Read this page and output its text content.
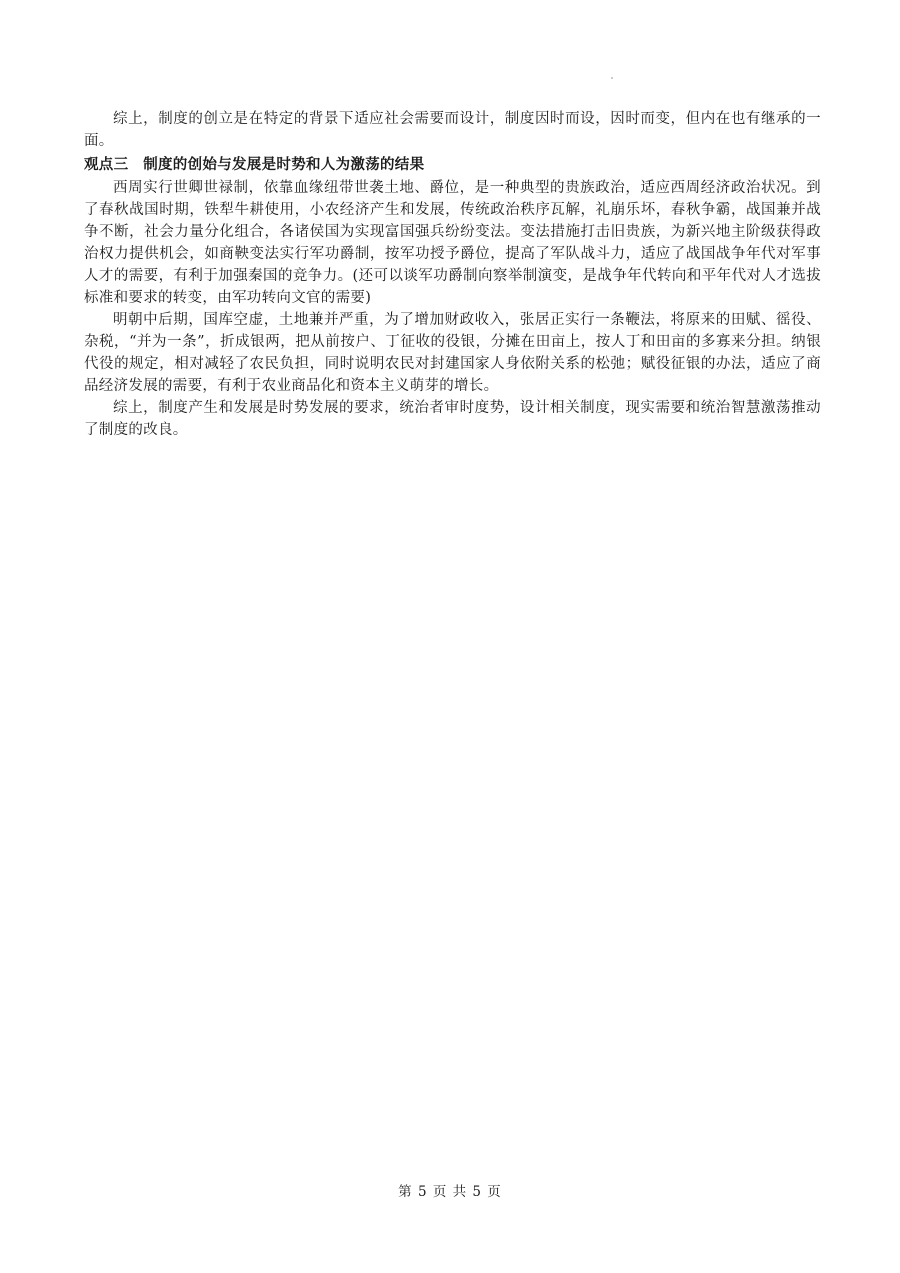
综上，制度的创立是在特定的背景下适应社会需要而设计，制度因时而设，因时而变，但内在也有继承的一面。

观点三　制度的创始与发展是时势和人为激荡的结果

西周实行世卿世禄制，依靠血缘纽带世袭土地、爵位，是一种典型的贵族政治，适应西周经济政治状况。到了春秋战国时期，铁犁牛耕使用，小农经济产生和发展，传统政治秩序瓦解，礼崩乐坏，春秋争霸，战国兼并战争不断，社会力量分化组合，各诸侯国为实现富国强兵纷纷变法。变法措施打击旧贵族，为新兴地主阶级获得政治权力提供机会，如商鞅变法实行军功爵制，按军功授予爵位，提高了军队战斗力，适应了战国战争年代对军事人才的需要，有利于加强秦国的竞争力。(还可以谈军功爵制向察举制演变，是战争年代转向和平年代对人才选拔标准和要求的转变，由军功转向文官的需要)

明朝中后期，国库空虚，土地兼并严重，为了增加财政收入，张居正实行一条鞭法，将原来的田赋、徭役、杂税，“并为一条”，折成银两，把从前按户、丁征收的役银，分摊在田亩上，按人丁和田亩的多寡来分担。纳银代役的规定，相对减轻了农民负担，同时说明农民对封建国家人身依附关系的松弛；赋役征银的办法，适应了商品经济发展的需要，有利于农业商品化和资本主义萌芽的增长。

综上，制度产生和发展是时势发展的要求，统治者审时度势，设计相关制度，现实需要和统治智慧激荡推动了制度的改良。

第 5 页 共 5 页
